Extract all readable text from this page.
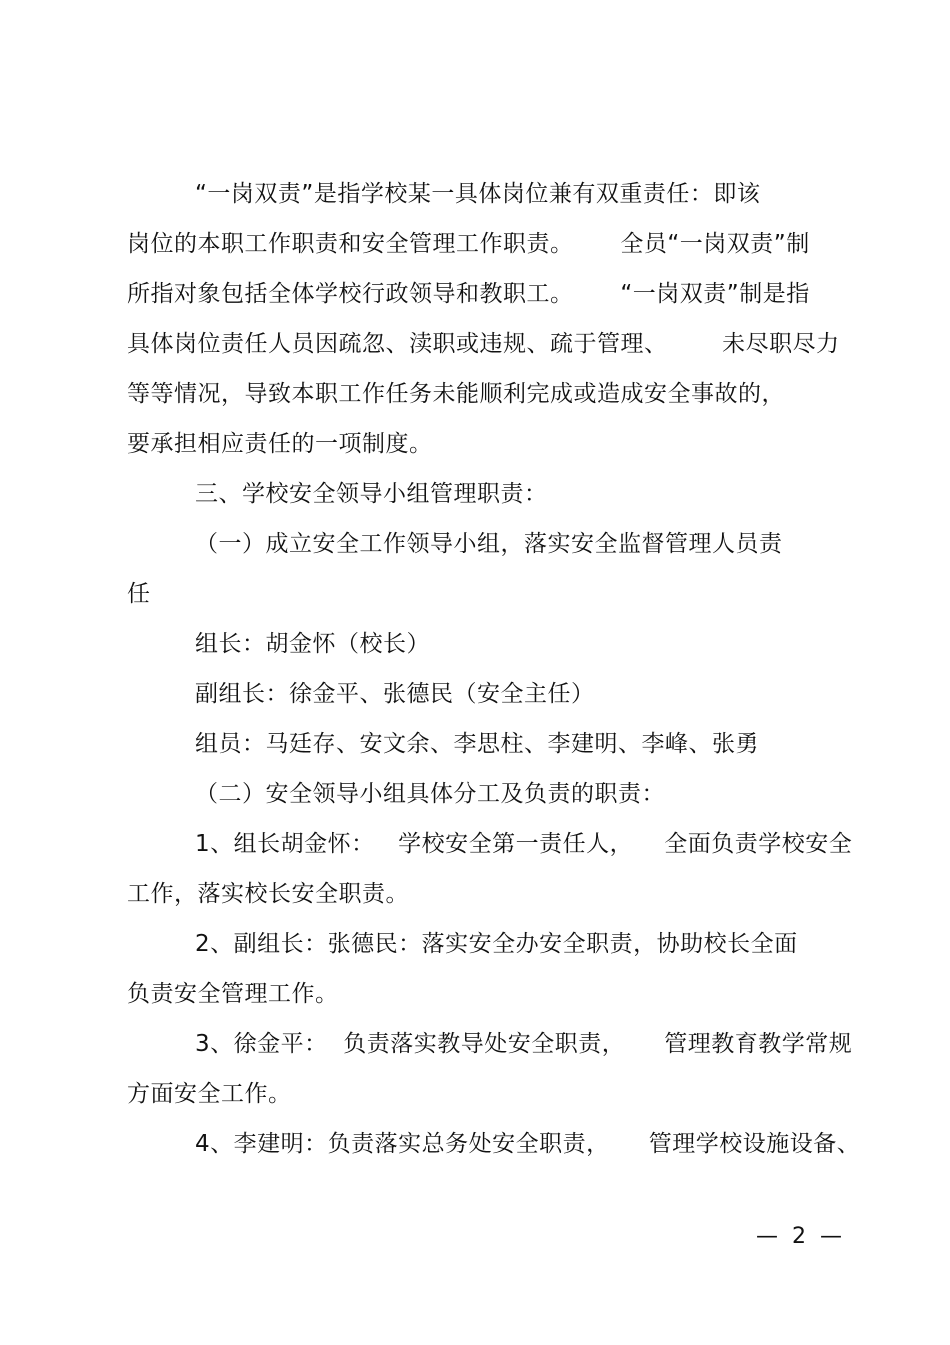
“一岗双责”是指学校某一具体岗位兼有双重责任：即该
岗位的本职工作职责和安全管理工作职责。      全员“一岗双责”制
所指对象包括全体学校行政领导和教职工。      “一岗双责”制是指
具体岗位责任人员因疏忽、渎职或违规、疏于管理、       未尽职尽力
等等情况，导致本职工作任务未能顺利完成或造成安全事故的，
要承担相应责任的一项制度。
三、学校安全领导小组管理职责：
（一）成立安全工作领导小组，落实安全监督管理人员责
任
组长：胡金怀（校长）
副组长：徐金平、张德民（安全主任）
组员：马廷存、安文余、李思柱、李建明、李峰、张勇
（二）安全领导小组具体分工及负责的职责：
1、组长胡金怀：   学校安全第一责任人，    全面负责学校安全
工作，落实校长安全职责。
2、副组长：张德民：落实安全办安全职责，协助校长全面
负责安全管理工作。
3、徐金平：  负责落实教导处安全职责，     管理教育教学常规
方面安全工作。
4、李建明：负责落实总务处安全职责，     管理学校设施设备、
—  2  —
